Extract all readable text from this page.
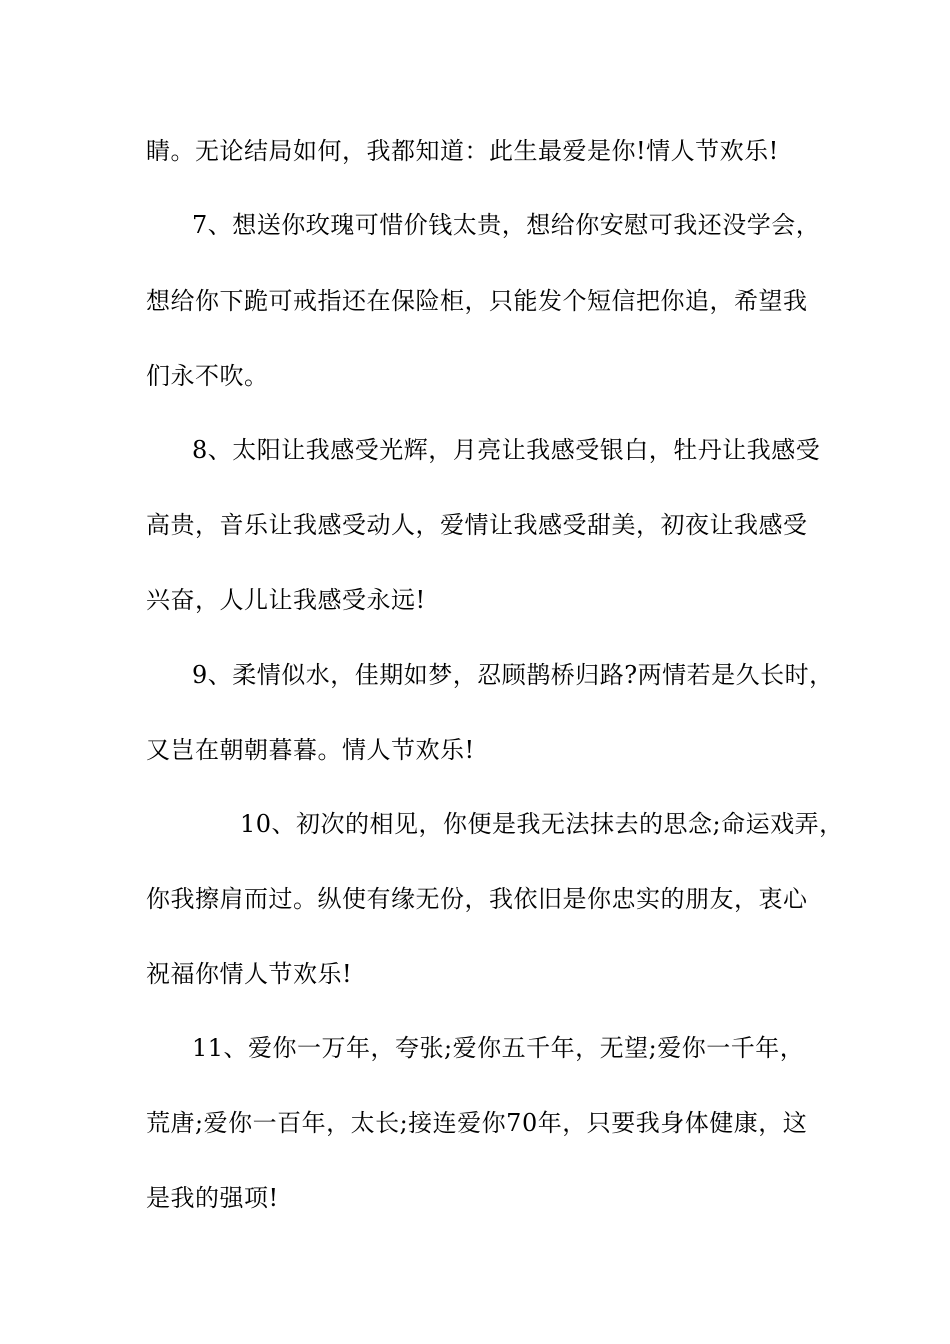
睛。无论结局如何，我都知道：此生最爱是你!情人节欢乐!
7、想送你玫瑰可惜价钱太贵，想给你安慰可我还没学会，
想给你下跪可戒指还在保险柜，只能发个短信把你追，希望我
们永不吹。
8、太阳让我感受光辉，月亮让我感受银白，牡丹让我感受
高贵，音乐让我感受动人，爱情让我感受甜美，初夜让我感受
兴奋，人儿让我感受永远!
9、柔情似水，佳期如梦，忍顾鹊桥归路?两情若是久长时，
又岂在朝朝暮暮。情人节欢乐!
10、初次的相见，你便是我无法抹去的思念;命运戏弄，
你我擦肩而过。纵使有缘无份，我依旧是你忠实的朋友，衷心
祝福你情人节欢乐!
11、爱你一万年，夸张;爱你五千年，无望;爱你一千年，
荒唐;爱你一百年，太长;接连爱你70年，只要我身体健康，这
是我的强项!
